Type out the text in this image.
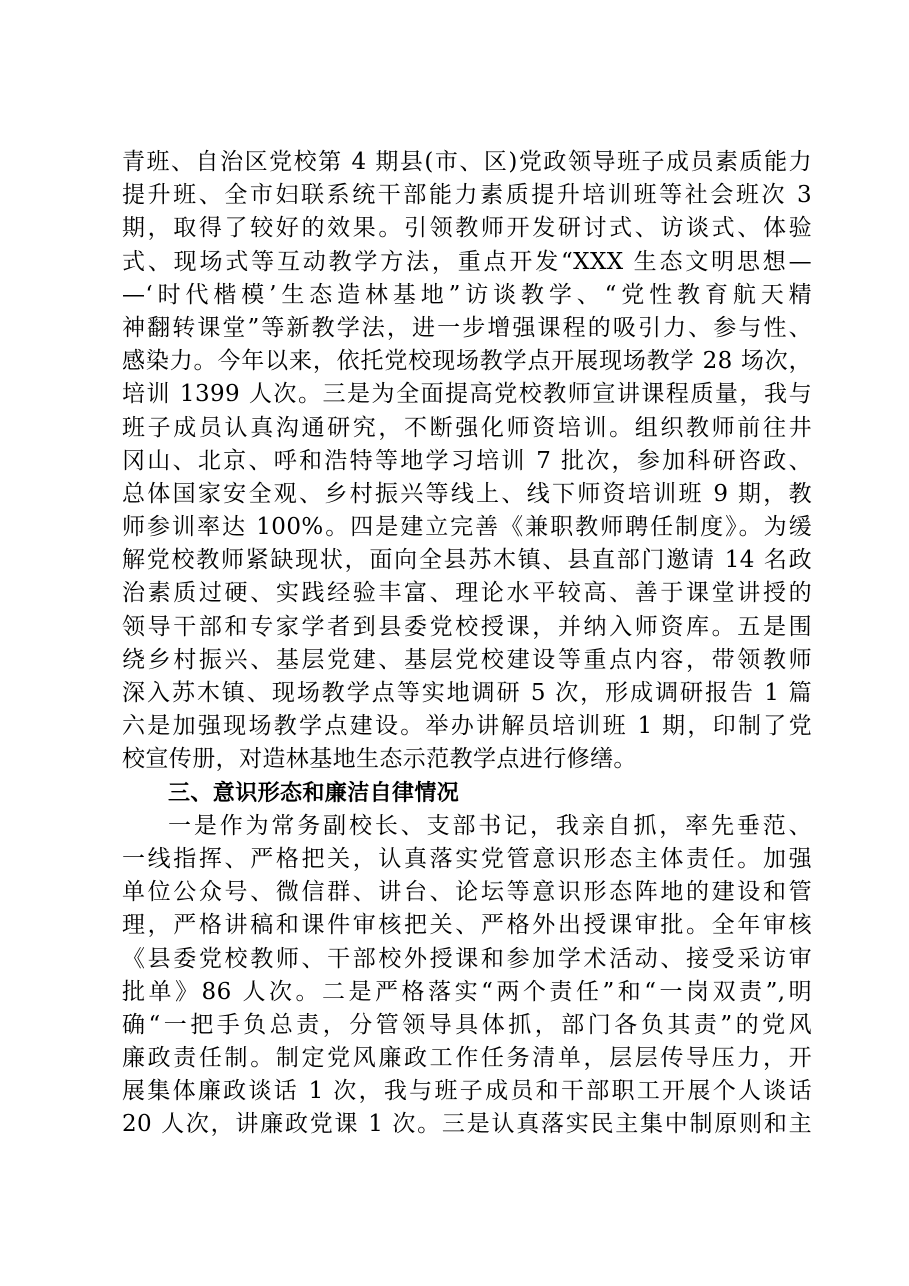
青班、自治区党校第 4 期县(市、区)党政领导班子成员素质能力
提升班、全市妇联系统干部能力素质提升培训班等社会班次 3
期，取得了较好的效果。引领教师开发研讨式、访谈式、体验
式、现场式等互动教学方法，重点开发“XXX 生态文明思想—
—‘时代楷模’生态造林基地”访谈教学、“党性教育航天精
神翻转课堂”等新教学法，进一步增强课程的吸引力、参与性、
感染力。今年以来，依托党校现场教学点开展现场教学 28 场次，
培训 1399 人次。三是为全面提高党校教师宣讲课程质量，我与
班子成员认真沟通研究，不断强化师资培训。组织教师前往井
冈山、北京、呼和浩特等地学习培训 7 批次，参加科研咨政、
总体国家安全观、乡村振兴等线上、线下师资培训班 9 期，教
师参训率达 100%。四是建立完善《兼职教师聘任制度》。为缓
解党校教师紧缺现状，面向全县苏木镇、县直部门邀请 14 名政
治素质过硬、实践经验丰富、理论水平较高、善于课堂讲授的
领导干部和专家学者到县委党校授课，并纳入师资库。五是围
绕乡村振兴、基层党建、基层党校建设等重点内容，带领教师
深入苏木镇、现场教学点等实地调研 5 次，形成调研报告 1 篇
六是加强现场教学点建设。举办讲解员培训班 1 期，印制了党
校宣传册，对造林基地生态示范教学点进行修缮。
三、意识形态和廉洁自律情况
一是作为常务副校长、支部书记，我亲自抓，率先垂范、
一线指挥、严格把关，认真落实党管意识形态主体责任。加强
单位公众号、微信群、讲台、论坛等意识形态阵地的建设和管
理，严格讲稿和课件审核把关、严格外出授课审批。全年审核
《县委党校教师、干部校外授课和参加学术活动、接受采访审
批单》86 人次。二是严格落实“两个责任”和“一岗双责”,明
确“一把手负总责，分管领导具体抓，部门各负其责”的党风
廉政责任制。制定党风廉政工作任务清单，层层传导压力，开
展集体廉政谈话 1 次，我与班子成员和干部职工开展个人谈话
20 人次，讲廉政党课 1 次。三是认真落实民主集中制原则和主
